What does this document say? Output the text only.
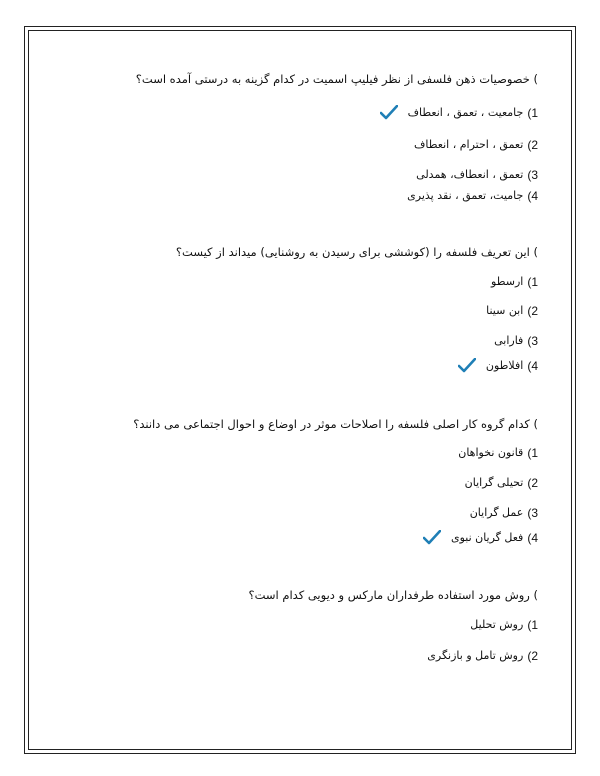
) خصوصیات ذهن فلسفی از نظر فیلیپ اسمیت در کدام گزینه به درستی آمده است؟
1)
جامعیت ، تعمق ، انعطاف
2)
تعمق ، احترام ، انعطاف
3)
تعمق ، انعطاف، همدلی
4)
جامیت، تعمق ، نقد پذیری
) این تعریف فلسفه را (کوششی برای رسیدن به روشنایی) میداند از کیست؟
1)
ارسطو
2)
ابن سینا
3)
فارابی
4)
افلاطون
) کدام گروه کار اصلی فلسفه را اصلاحات موثر در اوضاع و احوال اجتماعی می دانند؟
1)
قانون نخواهان
2)
تحیلی گرایان
3)
عمل گرایان
4)
فعل گریان نبوی
) روش مورد استفاده طرفداران مارکس و دیویی کدام است؟
1)
روش تحلیل
2)
روش تامل و بازنگری
